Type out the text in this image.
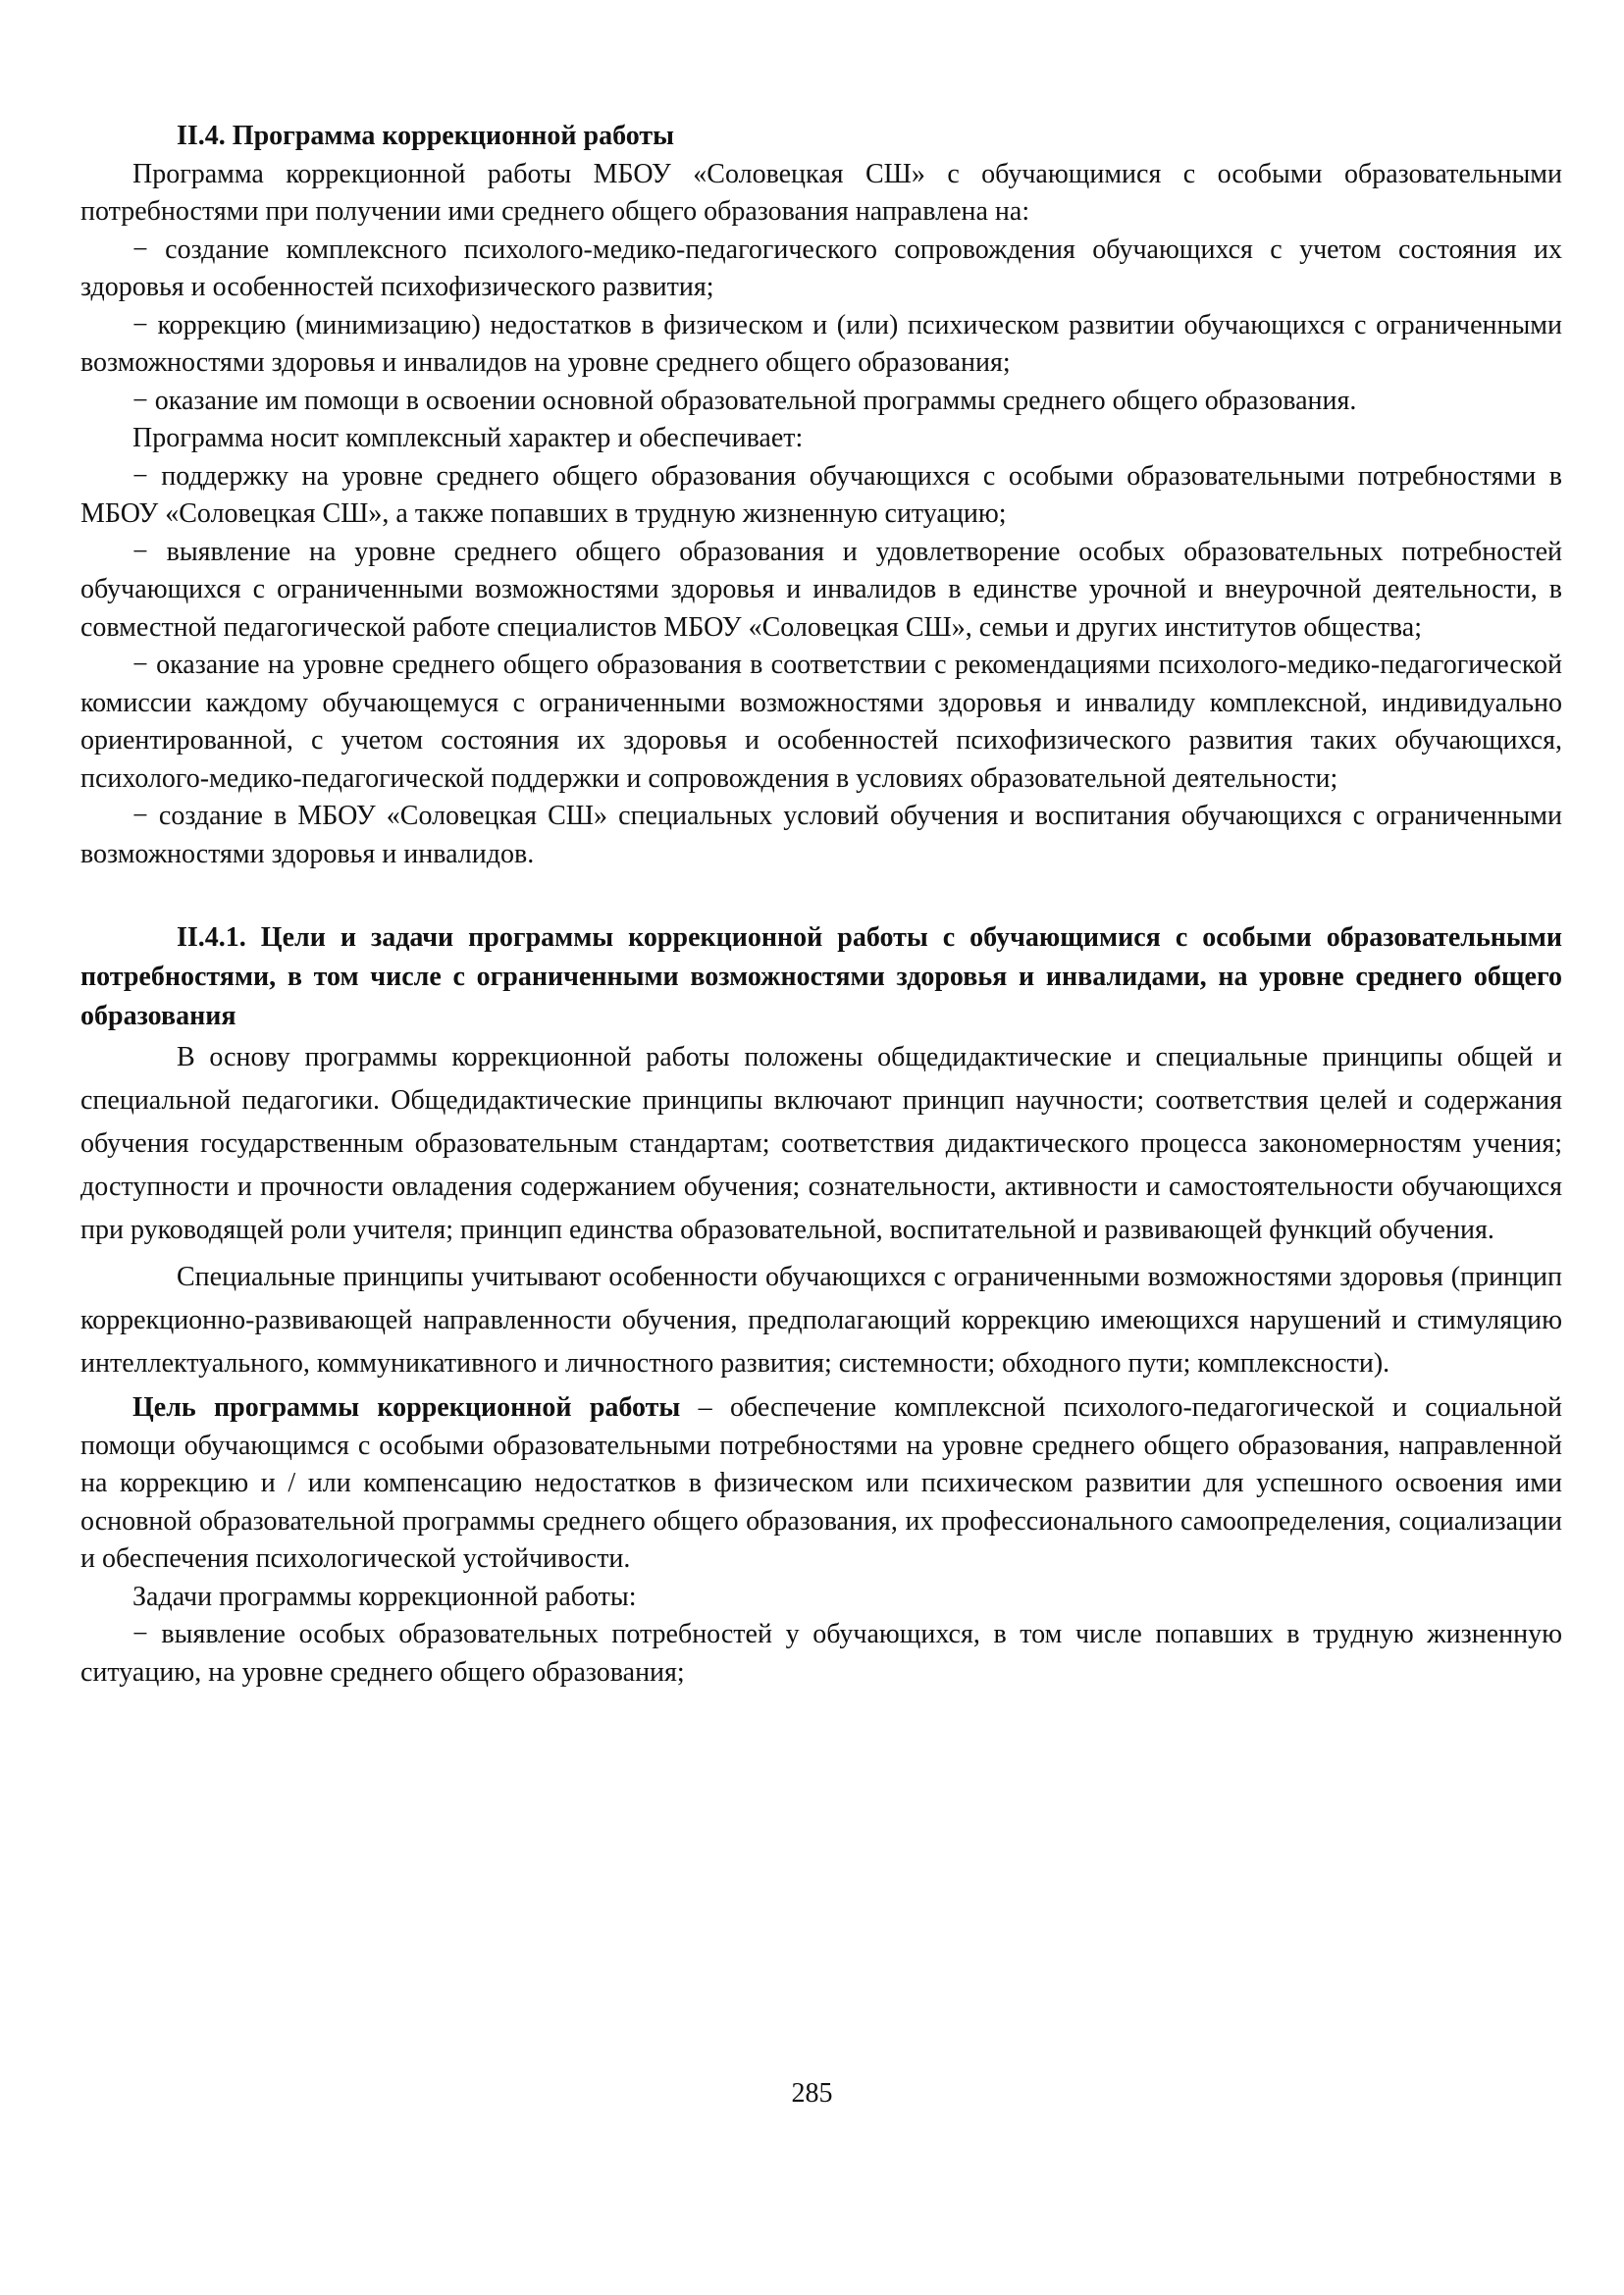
II.4. Программа коррекционной работы

Программа коррекционной работы МБОУ «Соловецкая СШ» с обучающимися с особыми образовательными потребностями при получении ими среднего общего образования направлена на:

− создание комплексного психолого-медико-педагогического сопровождения обучающихся с учетом состояния их здоровья и особенностей психофизического развития;

− коррекцию (минимизацию) недостатков в физическом и (или) психическом развитии обучающихся с ограниченными возможностями здоровья и инвалидов на уровне среднего общего образования;

− оказание им помощи в освоении основной образовательной программы среднего общего образования.

Программа носит комплексный характер и обеспечивает:

− поддержку на уровне среднего общего образования обучающихся с особыми образовательными потребностями в МБОУ «Соловецкая СШ», а также попавших в трудную жизненную ситуацию;

− выявление на уровне среднего общего образования и удовлетворение особых образовательных потребностей обучающихся с ограниченными возможностями здоровья и инвалидов в единстве урочной и внеурочной деятельности, в совместной педагогической работе специалистов МБОУ «Соловецкая СШ», семьи и других институтов общества;

− оказание на уровне среднего общего образования в соответствии с рекомендациями психолого-медико-педагогической комиссии каждому обучающемуся с ограниченными возможностями здоровья и инвалиду комплексной, индивидуально ориентированной, с учетом состояния их здоровья и особенностей психофизического развития таких обучающихся, психолого-медико-педагогической поддержки и сопровождения в условиях образовательной деятельности;

− создание в МБОУ «Соловецкая СШ» специальных условий обучения и воспитания обучающихся с ограниченными возможностями здоровья и инвалидов.

II.4.1. Цели и задачи программы коррекционной работы с обучающимися с особыми образовательными потребностями, в том числе с ограниченными возможностями здоровья и инвалидами, на уровне среднего общего образования

В основу программы коррекционной работы положены общедидактические и специальные принципы общей и специальной педагогики. Общедидактические принципы включают принцип научности; соответствия целей и содержания обучения государственным образовательным стандартам; соответствия дидактического процесса закономерностям учения; доступности и прочности овладения содержанием обучения; сознательности, активности и самостоятельности обучающихся при руководящей роли учителя; принцип единства образовательной, воспитательной и развивающей функций обучения.

Специальные принципы учитывают особенности обучающихся с ограниченными возможностями здоровья (принцип коррекционно-развивающей направленности обучения, предполагающий коррекцию имеющихся нарушений и стимуляцию интеллектуального, коммуникативного и личностного развития; системности; обходного пути; комплексности).

Цель программы коррекционной работы – обеспечение комплексной психолого-педагогической и социальной помощи обучающимся с особыми образовательными потребностями на уровне среднего общего образования, направленной на коррекцию и / или компенсацию недостатков в физическом или психическом развитии для успешного освоения ими основной образовательной программы среднего общего образования, их профессионального самоопределения, социализации и обеспечения психологической устойчивости.

Задачи программы коррекционной работы:

− выявление особых образовательных потребностей у обучающихся, в том числе попавших в трудную жизненную ситуацию, на уровне среднего общего образования;

285
